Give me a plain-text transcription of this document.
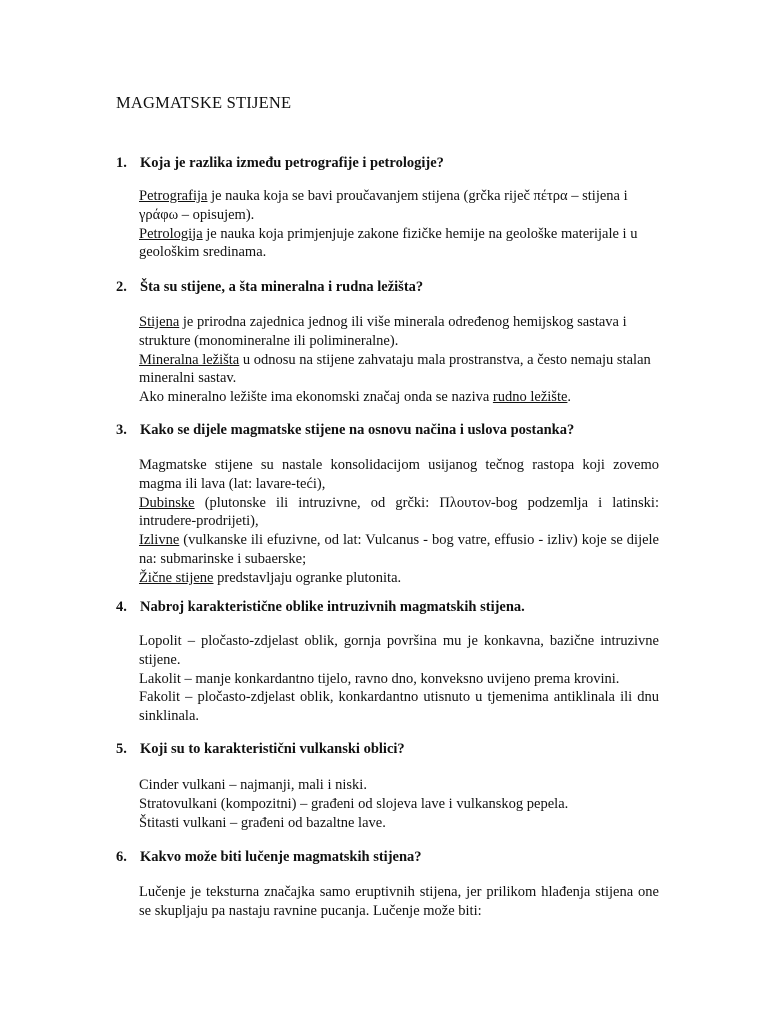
MAGMATSKE STIJENE
1. Koja je razlika između petrografije i petrologije?

Petrografija je nauka koja se bavi proučavanjem stijena (grčka riječ πέτρα – stijena i γράφω – opisujem).

Petrologija je nauka koja primjenjuje zakone fizičke hemije na geološke materijale i u geološkim sredinama.

2. Šta su stijene, a šta mineralna i rudna ležišta?

Stijena je prirodna zajednica jednog ili više minerala određenog hemijskog sastava i strukture (monomineralne ili polimineralne).

Mineralna ležišta u odnosu na stijene zahvataju mala prostranstva, a često nemaju stalan mineralni sastav.

Ako mineralno ležište ima ekonomski značaj onda se naziva rudno ležište.

3. Kako se dijele magmatske stijene na osnovu načina i uslova postanka?

Magmatske stijene su nastale konsolidacijom usijanog tečnog rastopa koji zovemo magma ili lava (lat: lavare-teći),

Dubinske (plutonske ili intruzivne, od grčki: Πλουτον-bog podzemlja i latinski: intrudere-prodrijeti),

Izlivne (vulkanske ili efuzivne, od lat: Vulcanus - bog vatre, effusio - izliv) koje se dijele na: submarinske i subaerske;

Žične stijene predstavljaju ogranke plutonita.

4. Nabroj karakteristične oblike intruzivnih magmatskih stijena.

Lopolit – pločasto-zdjelast oblik, gornja površina mu je konkavna, bazične intruzivne stijene.

Lakolit – manje konkardantno tijelo, ravno dno, konveksno uvijeno prema krovini.

Fakolit – pločasto-zdjelast oblik, konkardantno utisnuto u tjemenima antiklinala ili dnu sinklinala.

5. Koji su to karakteristični vulkanski oblici?

Cinder vulkani – najmanji, mali i niski.

Stratovulkani (kompozitni) – građeni od slojeva lave i vulkanskog pepela.

Štitasti vulkani – građeni od bazaltne lave.

6. Kakvo može biti lučenje magmatskih stijena?

Lučenje je teksturna značajka samo eruptivnih stijena, jer prilikom hlađenja stijena one se skupljaju pa nastaju ravnine pucanja. Lučenje može biti:
